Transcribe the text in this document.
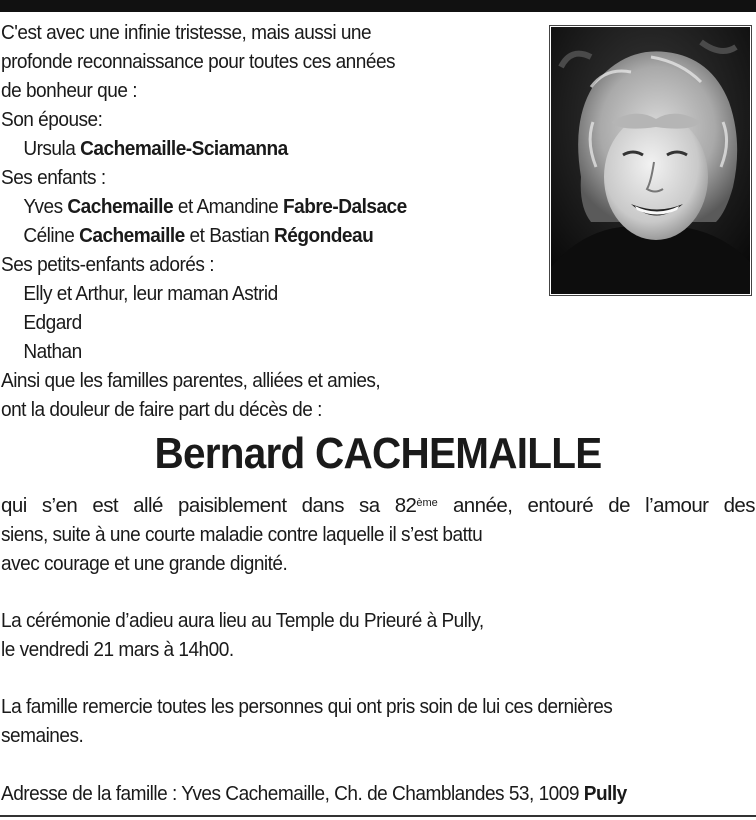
C'est avec une infinie tristesse, mais aussi une
profonde reconnaissance pour toutes ces années
de bonheur que :
Son épouse:
Ursula Cachemaille-Sciamanna
Ses enfants :
Yves Cachemaille et Amandine Fabre-Dalsace
Céline Cachemaille et Bastian Régondeau
Ses petits-enfants adorés :
Elly et Arthur, leur maman Astrid
Edgard
Nathan
Ainsi que les familles parentes, alliées et amies,
ont la douleur de faire part du décès de :
Bernard CACHEMAILLE
qui s’en est allé paisiblement dans sa 82ème année, entouré de l’amour des
siens, suite à une courte maladie contre laquelle il s’est battu
avec courage et une grande dignité.
La cérémonie d’adieu aura lieu au Temple du Prieuré à Pully,
le vendredi 21 mars à 14h00.
La famille remercie toutes les personnes qui ont pris soin de lui ces dernières
semaines.
Adresse de la famille : Yves Cachemaille, Ch. de Chamblandes 53, 1009 Pully
